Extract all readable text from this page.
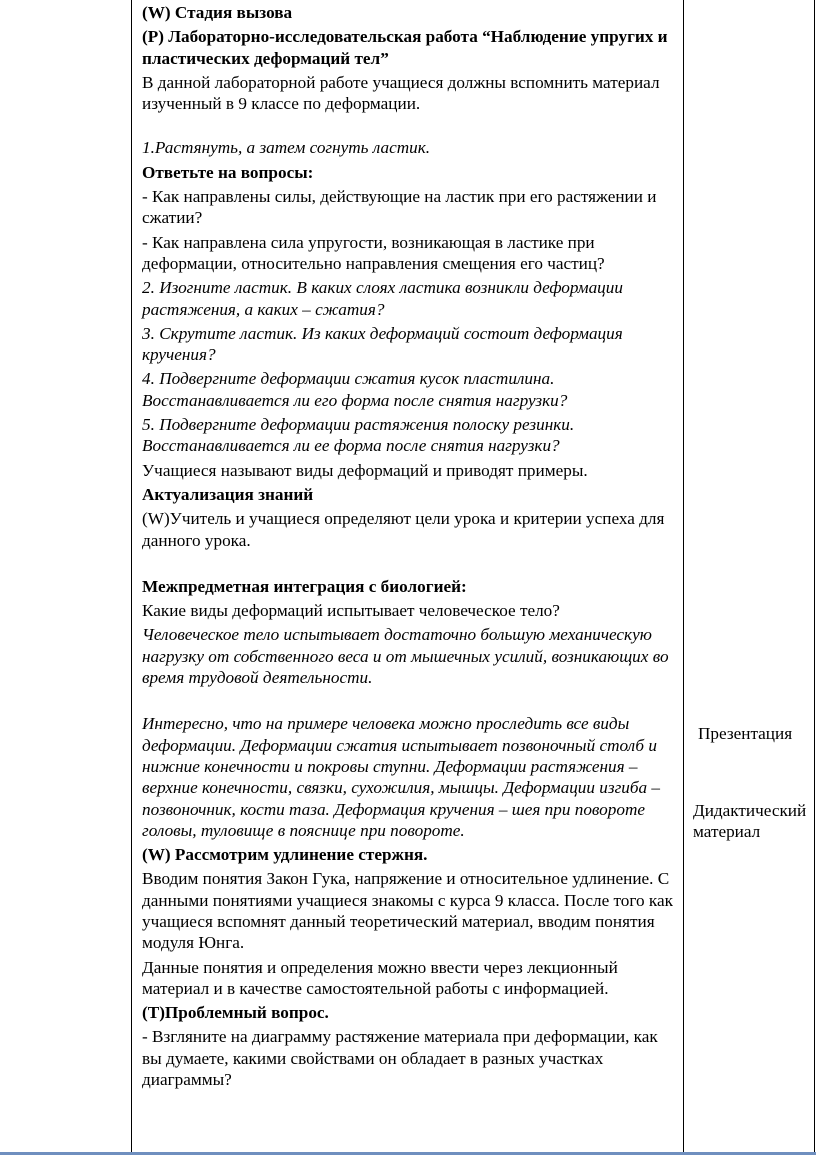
(W) Стадия вызова

(P) Лабораторно-исследовательская работа “Наблюдение упругих и пластических деформаций тел”

В данной лабораторной работе учащиеся должны вспомнить материал изученный в 9 классе по деформации.

1.Растянуть, а затем согнуть ластик.

Ответьте на вопросы:

- Как направлены силы, действующие на ластик при его растяжении и сжатии?

- Как направлена сила упругости, возникающая в ластике при деформации, относительно направления смещения его частиц?

2. Изогните ластик. В каких слоях ластика возникли деформации растяжения, а каких – сжатия?

3. Скрутите ластик. Из каких деформаций состоит деформация кручения?

4. Подвергните деформации сжатия кусок пластилина. Восстанавливается ли его форма после снятия нагрузки?

5. Подвергните деформации растяжения полоску резинки. Восстанавливается ли ее форма после снятия нагрузки?

Учащиеся называют виды деформаций и приводят примеры.

Актуализация знаний

(W)Учитель и учащиеся определяют цели урока и критерии успеха для данного урока.

Межпредметная интеграция с биологией:

Какие виды деформаций испытывает человеческое тело?

Человеческое тело испытывает достаточно большую механическую нагрузку от собственного веса и от мышечных усилий, возникающих во время трудовой деятельности.

Интересно, что на примере человека можно проследить все виды деформации. Деформации сжатия испытывает позвоночный столб и нижние конечности и покровы ступни. Деформации растяжения – верхние конечности, связки, сухожилия, мышцы. Деформации изгиба – позвоночник, кости таза. Деформация кручения – шея при повороте головы, туловище в пояснице при повороте.

(W) Рассмотрим удлинение стержня.

Вводим понятия Закон Гука, напряжение и относительное удлинение. С данными понятиями учащиеся знакомы с курса 9 класса. После того как учащиеся вспомнят данный теоретический материал, вводим понятия модуля Юнга.

Данные понятия и определения можно ввести через лекционный материал и в качестве самостоятельной работы с информацией.

(T)Проблемный вопрос.

- Взгляните на диаграмму растяжение материала при деформации, как вы думаете, какими свойствами он обладает в разных участках диаграммы?

Презентация
Дидактический материал
